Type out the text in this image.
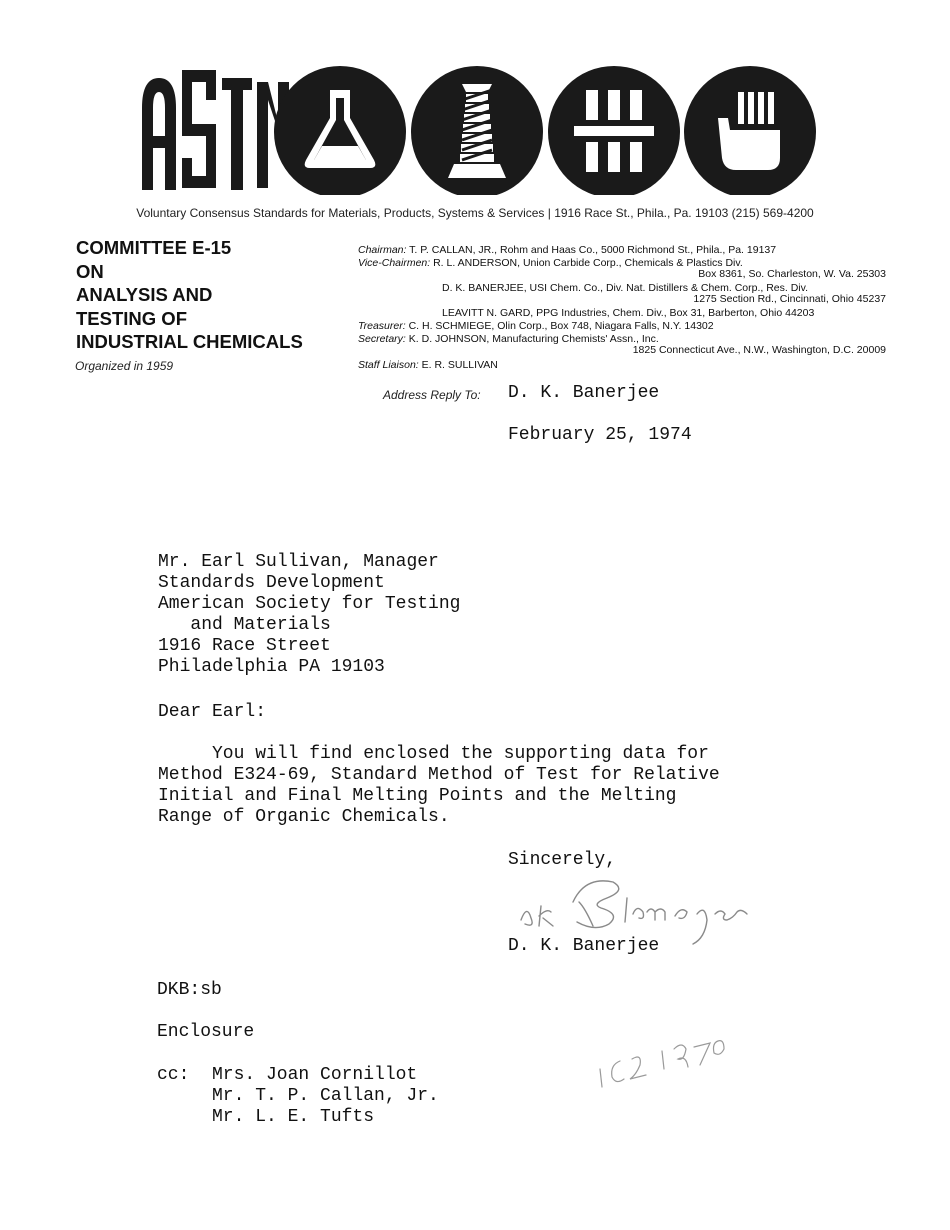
Voluntary Consensus Standards for Materials, Products, Systems & Services | 1916 Race St., Phila., Pa. 19103 (215) 569-4200
COMMITTEE E-15
ON
ANALYSIS AND
TESTING OF
INDUSTRIAL CHEMICALS
Organized in 1959
Chairman: T. P. CALLAN, JR., Rohm and Haas Co., 5000 Richmond St., Phila., Pa. 19137
Vice-Chairmen: R. L. ANDERSON, Union Carbide Corp., Chemicals & Plastics Div.
Box 8361, So. Charleston, W. Va. 25303
D. K. BANERJEE, USI Chem. Co., Div. Nat. Distillers & Chem. Corp., Res. Div.
1275 Section Rd., Cincinnati, Ohio 45237
LEAVITT N. GARD, PPG Industries, Chem. Div., Box 31, Barberton, Ohio 44203
Treasurer: C. H. SCHMIEGE, Olin Corp., Box 748, Niagara Falls, N.Y. 14302
Secretary: K. D. JOHNSON, Manufacturing Chemists' Assn., Inc.
1825 Connecticut Ave., N.W., Washington, D.C. 20009
Staff Liaison: E. R. SULLIVAN
Address Reply To: D. K. Banerjee
February 25, 1974
Mr. Earl Sullivan, Manager
Standards Development
American Society for Testing
and Materials
1916 Race Street
Philadelphia PA 19103
Dear Earl:
You will find enclosed the supporting data for
Method E324-69, Standard Method of Test for Relative
Initial and Final Melting Points and the Melting
Range of Organic Chemicals.
Sincerely,
D. K. Banerjee
DKB:sb
Enclosure
cc: Mrs. Joan Cornillot
Mr. T. P. Callan, Jr.
Mr. L. E. Tufts
